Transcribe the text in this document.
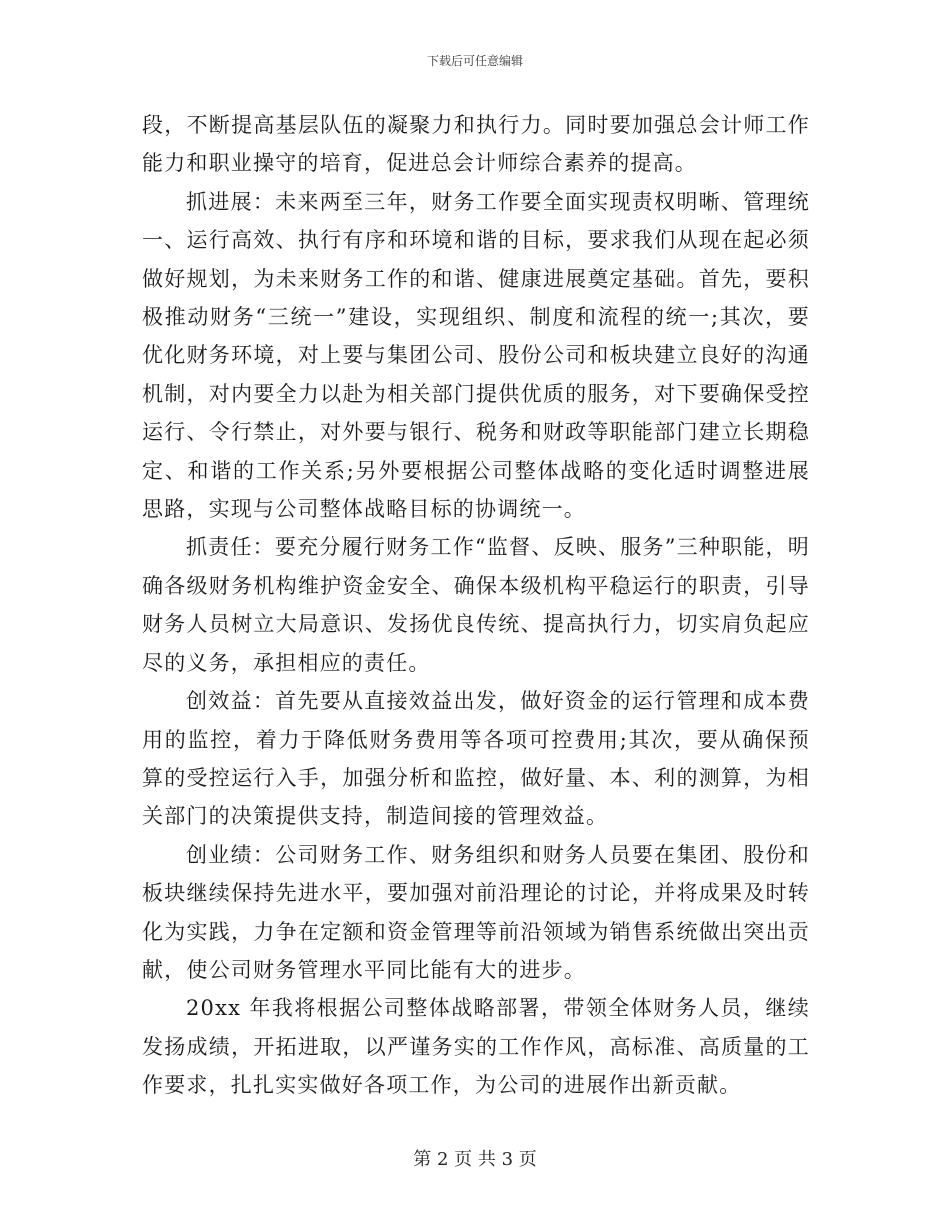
下载后可任意编辑

段，不断提高基层队伍的凝聚力和执行力。同时要加强总会计师工作能力和职业操守的培育，促进总会计师综合素养的提高。

抓进展：未来两至三年，财务工作要全面实现责权明晰、管理统一、运行高效、执行有序和环境和谐的目标，要求我们从现在起必须做好规划，为未来财务工作的和谐、健康进展奠定基础。首先，要积极推动财务“三统一”建设，实现组织、制度和流程的统一;其次，要优化财务环境，对上要与集团公司、股份公司和板块建立良好的沟通机制，对内要全力以赴为相关部门提供优质的服务，对下要确保受控运行、令行禁止，对外要与银行、税务和财政等职能部门建立长期稳定、和谐的工作关系;另外要根据公司整体战略的变化适时调整进展思路，实现与公司整体战略目标的协调统一。

抓责任：要充分履行财务工作“监督、反映、服务”三种职能，明确各级财务机构维护资金安全、确保本级机构平稳运行的职责，引导财务人员树立大局意识、发扬优良传统、提高执行力，切实肩负起应尽的义务，承担相应的责任。

创效益：首先要从直接效益出发，做好资金的运行管理和成本费用的监控，着力于降低财务费用等各项可控费用;其次，要从确保预算的受控运行入手，加强分析和监控，做好量、本、利的测算，为相关部门的决策提供支持，制造间接的管理效益。

创业绩：公司财务工作、财务组织和财务人员要在集团、股份和板块继续保持先进水平，要加强对前沿理论的讨论，并将成果及时转化为实践，力争在定额和资金管理等前沿领域为销售系统做出突出贡献，使公司财务管理水平同比能有大的进步。

20xx 年我将根据公司整体战略部署，带领全体财务人员，继续发扬成绩，开拓进取，以严谨务实的工作作风，高标准、高质量的工作要求，扎扎实实做好各项工作，为公司的进展作出新贡献。

第 2 页 共 3 页
